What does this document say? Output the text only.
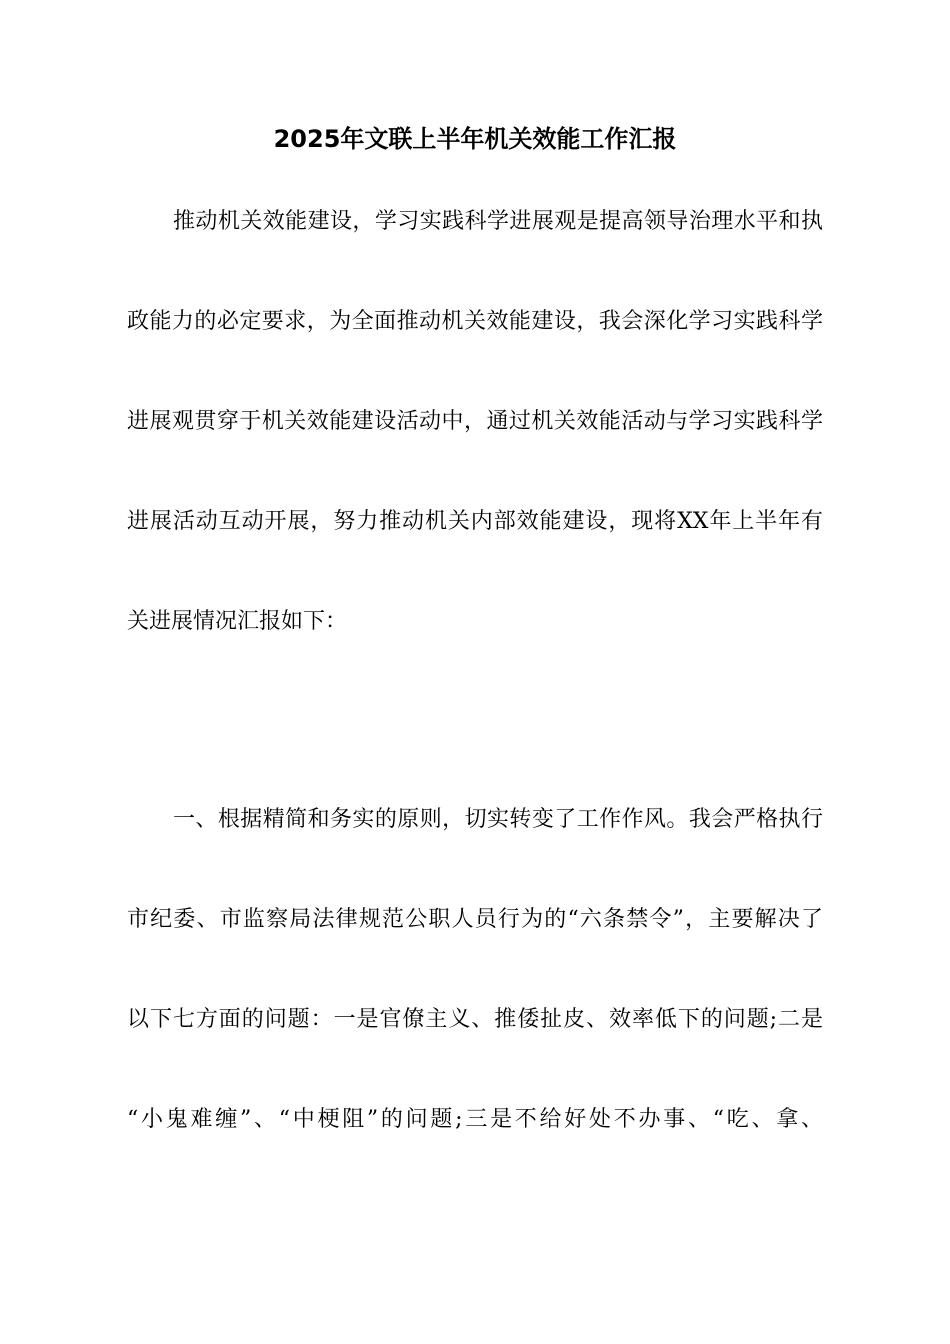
2025年文联上半年机关效能工作汇报

推动机关效能建设，学习实践科学进展观是提高领导治理水平和执

政能力的必定要求，为全面推动机关效能建设，我会深化学习实践科学

进展观贯穿于机关效能建设活动中，通过机关效能活动与学习实践科学

进展活动互动开展，努力推动机关内部效能建设，现将XX年上半年有

关进展情况汇报如下：

一、根据精简和务实的原则，切实转变了工作作风。我会严格执行

市纪委、市监察局法律规范公职人员行为的“六条禁令”，主要解决了

以下七方面的问题：一是官僚主义、推倭扯皮、效率低下的问题;二是

“小鬼难缠”、“中梗阻”的问题;三是不给好处不办事、“吃、拿、
